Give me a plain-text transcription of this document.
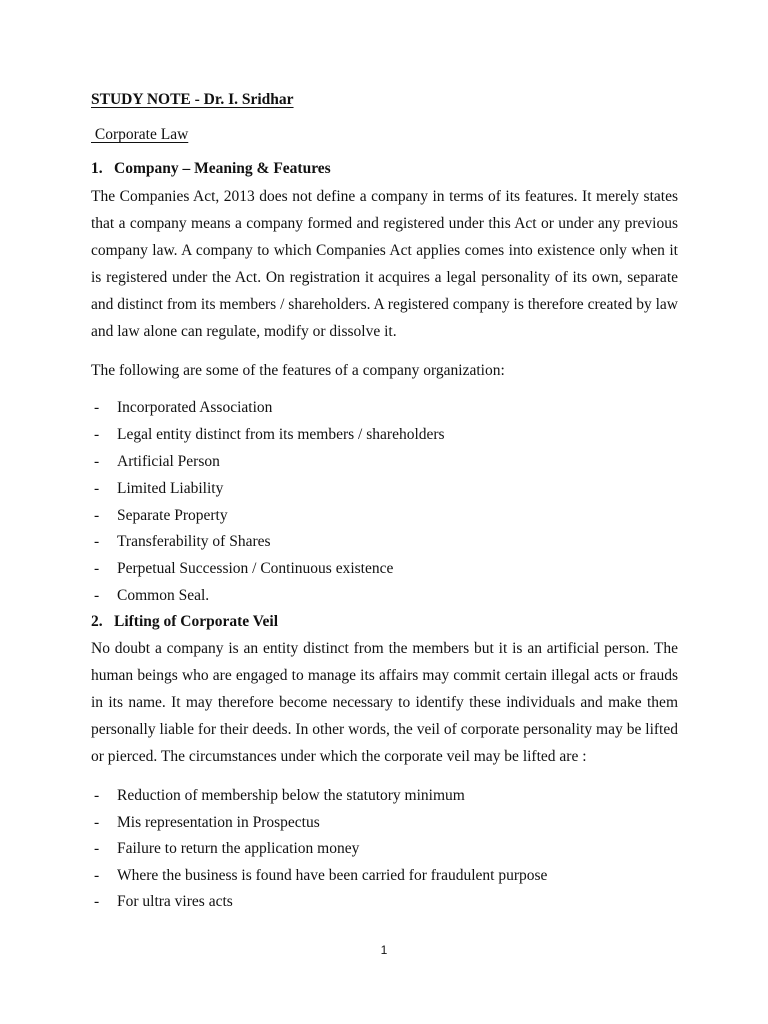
STUDY NOTE - Dr. I. Sridhar
Corporate Law
1. Company – Meaning & Features
The Companies Act, 2013 does not define a company in terms of its features. It merely states that a company means a company formed and registered under this Act or under any previous company law. A company to which Companies Act applies comes into existence only when it is registered under the Act. On registration it acquires a legal personality of its own, separate and distinct from its members / shareholders. A registered company is therefore created by law and law alone can regulate, modify or dissolve it.
The following are some of the features of a company organization:
- Incorporated Association
- Legal entity distinct from its members / shareholders
- Artificial Person
- Limited Liability
- Separate Property
- Transferability of Shares
- Perpetual Succession / Continuous existence
- Common Seal.
2. Lifting of Corporate Veil
No doubt a company is an entity distinct from the members but it is an artificial person. The human beings who are engaged to manage its affairs may commit certain illegal acts or frauds in its name. It may therefore become necessary to identify these individuals and make them personally liable for their deeds. In other words, the veil of corporate personality may be lifted or pierced. The circumstances under which the corporate veil may be lifted are :
- Reduction of membership below the statutory minimum
- Mis representation in Prospectus
- Failure to return the application money
- Where the business is found have been carried for fraudulent purpose
- For ultra vires acts
1
